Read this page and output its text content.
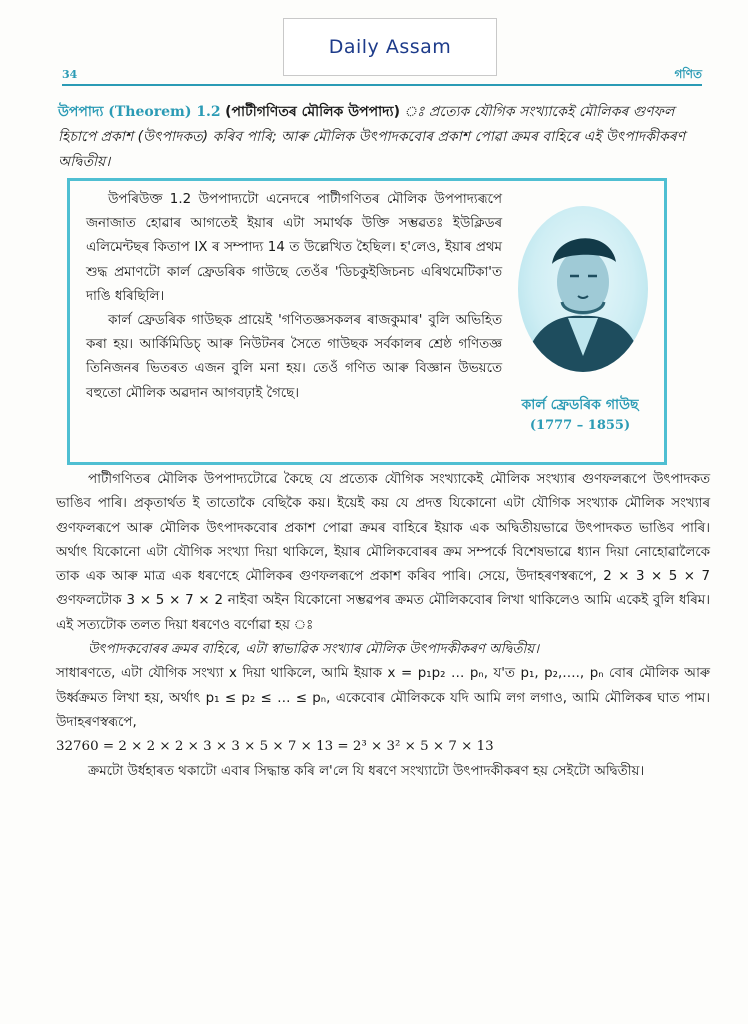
Daily Assam
34	গণিত
উপপাদ্য (Theorem) 1.2 (পাটীগণিতৰ মৌলিক উপপাদ্য) ঃ প্ৰত্যেক যৌগিক সংখ্যাকেই মৌলিকৰ গুণফল হিচাপে প্ৰকাশ (উৎপাদকত) কৰিব পাৰি; আৰু মৌলিক উৎপাদকবোৰ প্ৰকাশ পোৱা ক্ৰমৰ বাহিৰে এই উৎপাদকীকৰণ অদ্বিতীয়।

উপৰিউক্ত 1.2 উপপাদ্যটো এনেদৰে পাটীগণিতৰ মৌলিক উপপাদ্যৰূপে জনাজাত হোৱাৰ আগতেই ইয়াৰ এটা সমাৰ্থক উক্তি সম্ভৱতঃ ইউক্লিডৰ এলিমেন্টছৰ কিতাপ IX ৰ সম্পাদ্য 14 ত উল্লেখিত হৈছিল। হ'লেও, ইয়াৰ প্ৰথম শুদ্ধ প্ৰমাণটো কাৰ্ল ফ্ৰেডৰিক গাউছে তেওঁৰ 'ডিচকুইজিচনচ এৰিথমেটিকা'ত দাঙি ধৰিছিলি।

কাৰ্ল ফ্ৰেডৰিক গাউছক প্ৰায়েই 'গণিতজ্ঞসকলৰ ৰাজকুমাৰ' বুলি অভিহিত কৰা হয়। আৰ্কিমিডিচ্ আৰু নিউটনৰ সৈতে গাউছক সৰ্বকালৰ শ্ৰেষ্ঠ গণিতজ্ঞ তিনিজনৰ ভিতৰত এজন বুলি মনা হয়। তেওঁ গণিত আৰু বিজ্ঞান উভয়তে বহুতো মৌলিক অৱদান আগবঢ়াই গৈছে।

কাৰ্ল ফ্ৰেডৰিক গাউছ
(1777 – 1855)

পাটীগণিতৰ মৌলিক উপপাদ্যটোৱে কৈছে যে প্ৰত্যেক যৌগিক সংখ্যাকেই মৌলিক সংখ্যাৰ গুণফলৰূপে উৎপাদকত ভাঙিব পাৰি। প্ৰকৃতাৰ্থত ই তাতোকৈ বেছিকৈ কয়। ইয়েই কয় যে প্ৰদত্ত যিকোনো এটা যৌগিক সংখ্যাক মৌলিক সংখ্যাৰ গুণফলৰূপে আৰু মৌলিক উৎপাদকবোৰ প্ৰকাশ পোৱা ক্ৰমৰ বাহিৰে ইয়াক এক অদ্বিতীয়ভাৱে উৎপাদকত ভাঙিব পাৰি। অৰ্থাৎ যিকোনো এটা যৌগিক সংখ্যা দিয়া থাকিলে, ইয়াৰ মৌলিকবোৰৰ ক্ৰম সম্পৰ্কে বিশেষভাৱে ধ্যান দিয়া নোহোৱালৈকে তাক এক আৰু মাত্ৰ এক ধৰণেহে মৌলিকৰ গুণফলৰূপে প্ৰকাশ কৰিব পাৰি। সেয়ে, উদাহৰণস্বৰূপে, 2 × 3 × 5 × 7 গুণফলটোক 3 × 5 × 7 × 2 নাইবা অইন যিকোনো সম্ভৱপৰ ক্ৰমত মৌলিকবোৰ লিখা থাকিলেও আমি একেই বুলি ধৰিম। এই সত্যটোক তলত দিয়া ধৰণেও বৰ্ণোৱা হয় ঃ

উৎপাদকবোৰৰ ক্ৰমৰ বাহিৰে, এটা স্বাভাৱিক সংখ্যাৰ মৌলিক উৎপাদকীকৰণ অদ্বিতীয়।

সাধাৰণতে, এটা যৌগিক সংখ্যা x দিয়া থাকিলে, আমি ইয়াক x = p₁p₂ … pₙ, য'ত p₁, p₂,…., pₙ বোৰ মৌলিক আৰু উৰ্ধ্বক্ৰমত লিখা হয়, অৰ্থাৎ p₁ ≤ p₂ ≤ … ≤ pₙ, একেবোৰ মৌলিককে যদি আমি লগ লগাও, আমি মৌলিকৰ ঘাত পাম। উদাহৰণস্বৰূপে,

32760 = 2 × 2 × 2 × 3 × 3 × 5 × 7 × 13 = 2³ × 3² × 5 × 7 × 13

ক্ৰমটো উৰ্ধহাৰত থকাটো এবাৰ সিদ্ধান্ত কৰি ল'লে যি ধৰণে সংখ্যাটো উৎপাদকীকৰণ হয় সেইটো অদ্বিতীয়।
